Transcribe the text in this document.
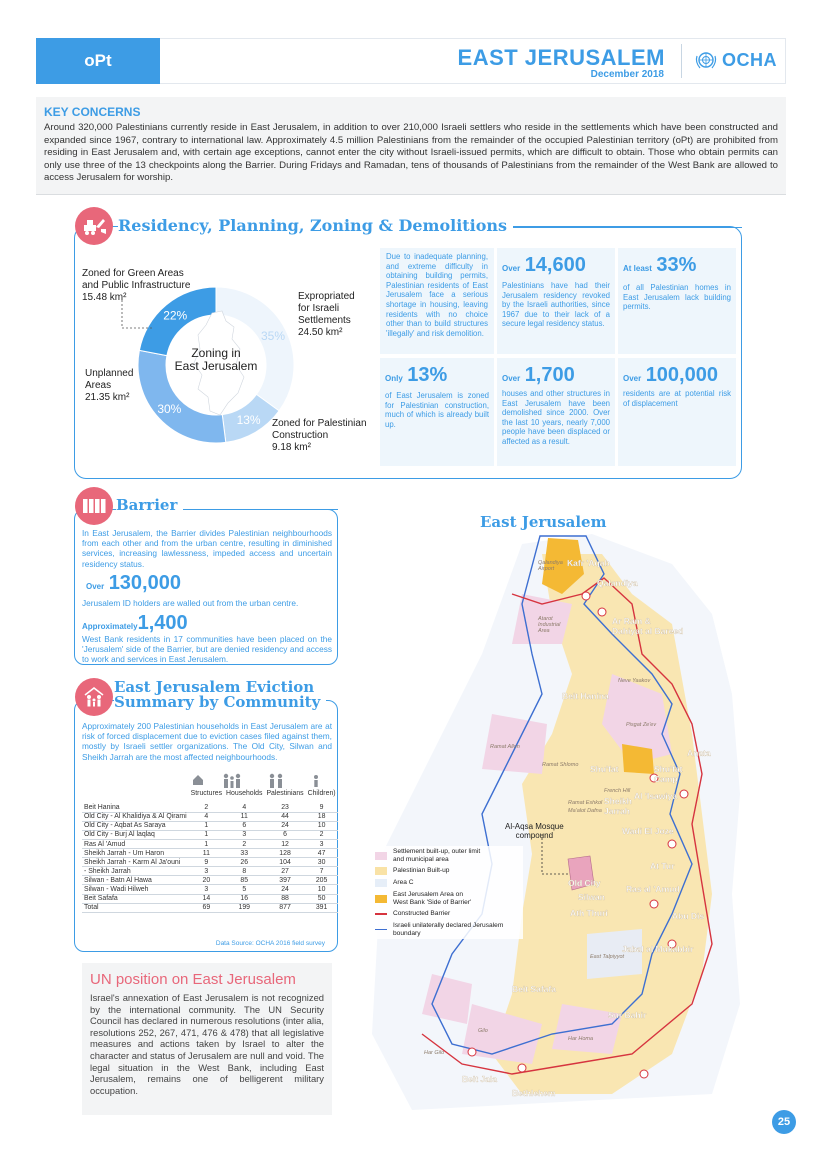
oPt	EAST JERUSALEM
December 2018
OCHA
KEY CONCERNS
Around 320,000 Palestinians currently reside in East Jerusalem, in addition to over 210,000 Israeli settlers who reside in the settlements which have been constructed and expanded since 1967, contrary to international law. Approximately 4.5 million Palestinians from the remainder of the occupied Palestinian territory (oPt) are prohibited from residing in East Jerusalem and, with certain age exceptions, cannot enter the city without Israeli-issued permits, which are difficult to obtain. Those who obtain permits can only use three of the 13 checkpoints along the Barrier. During Fridays and Ramadan, tens of thousands of Palestinians from the remainder of the West Bank are allowed to access Jerusalem for worship.
Residency, Planning, Zoning & Demolitions
35%
13%
30%
22%
Zoning in
East Jerusalem
Zoned for Green Areas
and Public Infrastructure
15.48 km²	Expropriated
for Israeli
Settlements
24.50 km²
Unplanned
Areas
21.35 km²
Zoned for Palestinian
Construction
9.18 km²
Due to inadequate planning, and extreme difficulty in obtaining building permits, Palestinian residents of East Jerusalem face a serious shortage in housing, leaving residents with no choice other than to build structures 'illegally' and risk demolition.
Over 14,600
Palestinians have had their Jerusalem residency revoked by the Israeli authorities, since 1967 due to their lack of a secure legal residency status.
At least 33%
of all Palestinian homes in East Jerusalem lack building permits.
Only 13%
of East Jerusalem is zoned for Palestinian construction, much of which is already built up.
Over 1,700
houses and other structures in East Jerusalem have been demolished since 2000. Over the last 10 years, nearly 7,000 people have been displaced or affected as a result.
Over 100,000
residents are at potential risk of displacement
Barrier
In East Jerusalem, the Barrier divides Palestinian neighbourhoods from each other and from the urban centre, resulting in diminished services, increasing lawlessness, impeded access and uncertain residency status.
Over 130,000
Jerusalem ID holders are walled out from the urban centre.
Approximately1,400
West Bank residents in 17 communities have been placed on the 'Jerusalem' side of the Barrier, but are denied residency and access to work and services in East Jerusalem.
East Jerusalem Eviction
Summary by Community
Approximately 200 Palestinian households in East Jerusalem are at risk of forced displacement due to eviction cases filed against them, mostly by Israeli settler organizations. The Old City, Silwan and Sheikh Jarrah are the most affected neighbourhoods.
	Structures	Households	Palestinians	Children)

Beit Hanina	2	4	23	9
Old City - Al Khalidiya & Al Qirami	4	11	44	18
Old City - Aqbat As Saraya	1	6	24	10
Old City - Burj Al laqlaq	1	3	6	2
Ras Al 'Amud	1	2	12	3
Sheikh Jarrah - Um Haron	11	33	128	47
Sheikh Jarrah - Karm Al Ja'ouni	9	26	104	30
- Sheikh Jarrah	3	8	27	7
Silwan - Batn Al Hawa	20	85	397	205
Silwan - Wadi Hilweh	3	5	24	10
Beit Safafa	14	16	88	50
Total	69	199	877	391
Data Source: OCHA 2016 field survey
UN position on East Jerusalem
Israel's annexation of East Jerusalem is not recognized by the international community. The UN Security Council has declared in numerous resolutions (inter alia, resolutions 252, 267, 471, 476 & 478) that all legislative measures and actions taken by Israel to alter the character and status of Jerusalem are null and void. The legal situation in the West Bank, including East Jerusalem, remains one of belligerent military occupation.
East Jerusalem
Kafr 'Aqab
Qalandiya
Ar Ram &
Dahiyat al Bareed
Beit Hanina
Shu'fat	Shu'fat
Camp
Anata
Al 'Isawiya
Sheikh
Jarrah
Wadi El Joze
At Tur
Ras al 'Amud
Abu Dis
Jabal al Mukabbir
Sur Bahir
Beit Safafa
Beit Jala
Bethlehem
Old City
Silwan
Ath Thuri
Qalandiya
Airport
Atarot
Industrial
Area
Neve Yaakov
Pisgat Ze'ev
Ramat Allon
Ramat Shlomo
French Hill
Ramat Eshkol
Ma'alot Dafna
East Talpiyyot
Gilo
Har Gilo
Har Homa
Al-Aqsa Mosque
compound
Settlement built-up, outer limit
and municipal area
Palestinian Built-up
Area C
East Jerusalem Area on
West Bank 'Side of Barrier'
Constructed Barrier
Israeli unilaterally declared Jerusalem
boundary
25
